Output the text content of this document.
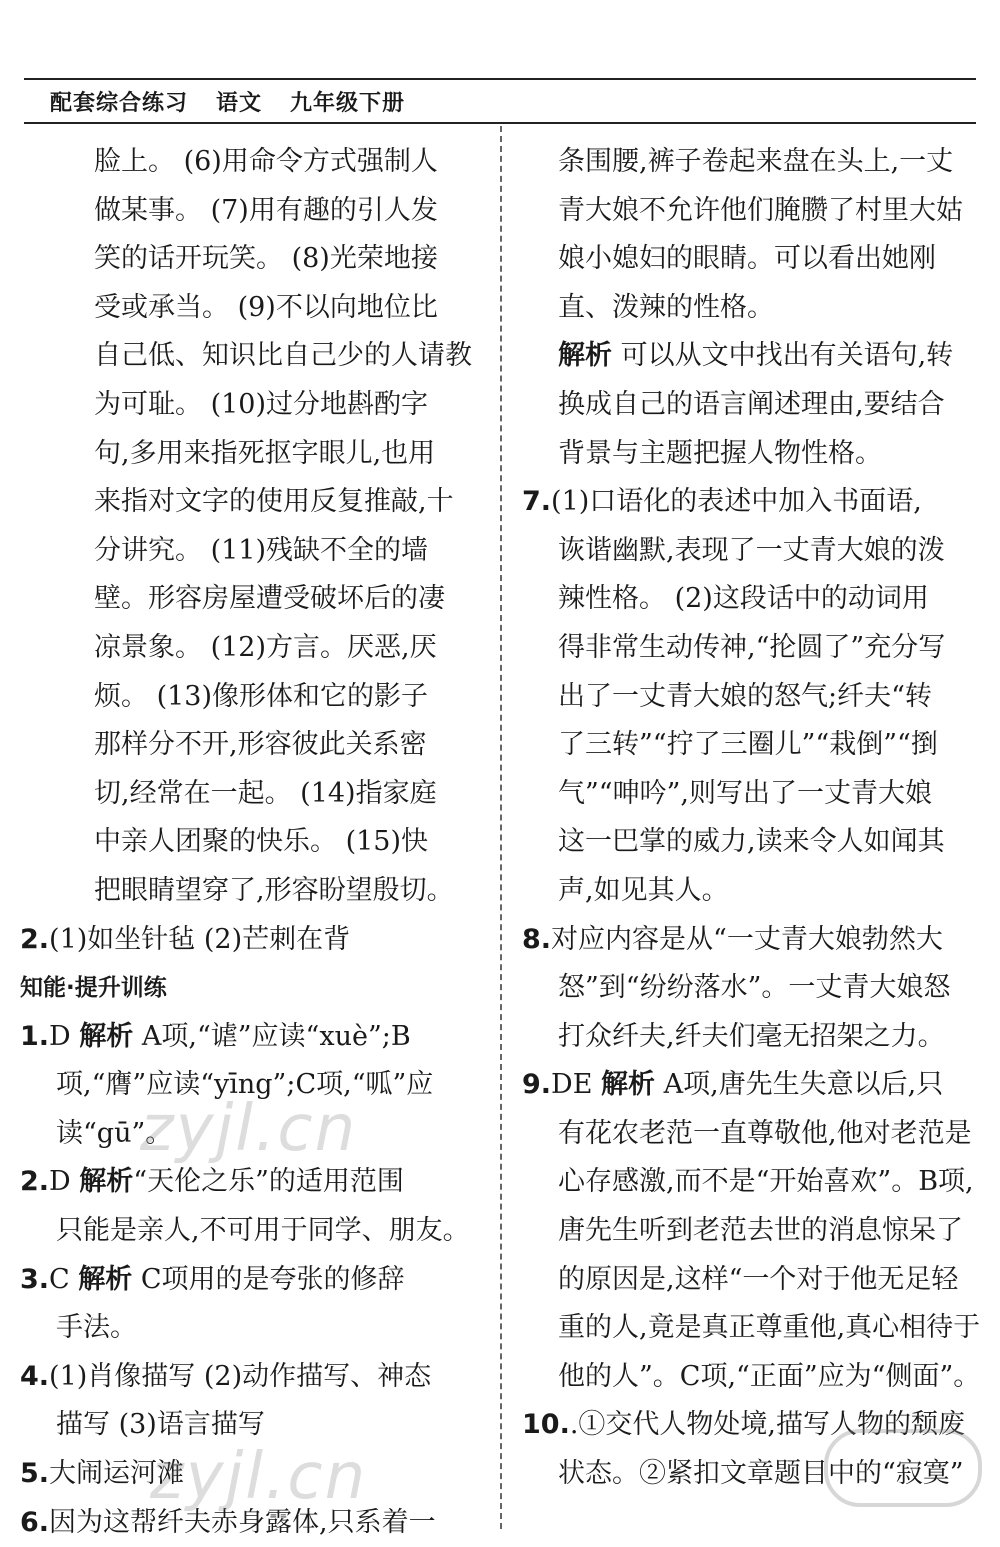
配套综合练习 语文 九年级下册
脸上。 (6)用命令方式强制人
做某事。 (7)用有趣的引人发
笑的话开玩笑。 (8)光荣地接
受或承当。 (9)不以向地位比
自己低、知识比自己少的人请教
为可耻。 (10)过分地斟酌字
句,多用来指死抠字眼儿,也用
来指对文字的使用反复推敲,十
分讲究。 (11)残缺不全的墙
壁。形容房屋遭受破坏后的凄
凉景象。 (12)方言。厌恶,厌
烦。 (13)像形体和它的影子
那样分不开,形容彼此关系密
切,经常在一起。 (14)指家庭
中亲人团聚的快乐。 (15)快
把眼睛望穿了,形容盼望殷切。
2.(1)如坐针毡 (2)芒刺在背
知能·提升训练
1.D 解析 A项,“谑”应读“xuè”;B
项,“膺”应读“yīng”;C项,“呱”应
读“gū”。
2.D 解析“天伦之乐”的适用范围
只能是亲人,不可用于同学、朋友。
3.C 解析 C项用的是夸张的修辞
手法。
4.(1)肖像描写 (2)动作描写、神态
描写 (3)语言描写
5.大闹运河滩
6.因为这帮纤夫赤身露体,只系着一
条围腰,裤子卷起来盘在头上,一丈
青大娘不允许他们腌臜了村里大姑
娘小媳妇的眼睛。可以看出她刚
直、泼辣的性格。
解析 可以从文中找出有关语句,转
换成自己的语言阐述理由,要结合
背景与主题把握人物性格。
7.(1)口语化的表述中加入书面语,
诙谐幽默,表现了一丈青大娘的泼
辣性格。 (2)这段话中的动词用
得非常生动传神,“抡圆了”充分写
出了一丈青大娘的怒气;纤夫“转
了三转”“拧了三圈儿”“栽倒”“捯
气”“呻吟”,则写出了一丈青大娘
这一巴掌的威力,读来令人如闻其
声,如见其人。
8.对应内容是从“一丈青大娘勃然大
怒”到“纷纷落水”。一丈青大娘怒
打众纤夫,纤夫们毫无招架之力。
9.DE 解析 A项,唐先生失意以后,只
有花农老范一直尊敬他,他对老范是
心存感激,而不是“开始喜欢”。B项,
唐先生听到老范去世的消息惊呆了
的原因是,这样“一个对于他无足轻
重的人,竟是真正尊重他,真心相待于
他的人”。C项,“正面”应为“侧面”。
10..①交代人物处境,描写人物的颓废
状态。②紧扣文章题目中的“寂寞”
zyjl.cn
zyjl.cn
